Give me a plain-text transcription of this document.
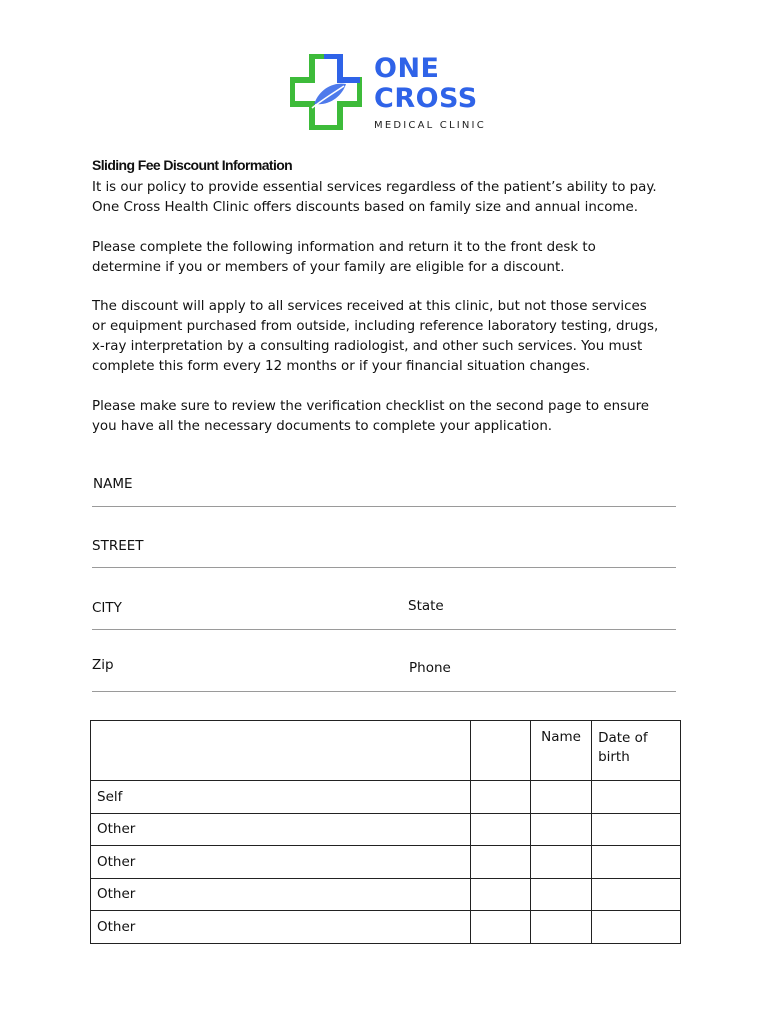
ONE
CROSS
MEDICAL CLINIC
Sliding Fee Discount Information
It is our policy to provide essential services regardless of the patient’s ability to pay.
One Cross Health Clinic offers discounts based on family size and annual income.
Please complete the following information and return it to the front desk to
determine if you or members of your family are eligible for a discount.
The discount will apply to all services received at this clinic, but not those services
or equipment purchased from outside, including reference laboratory testing, drugs,
x-ray interpretation by a consulting radiologist, and other such services. You must
complete this form every 12 months or if your financial situation changes.
Please make sure to review the verification checklist on the second page to ensure
you have all the necessary documents to complete your application.
NAME
STREET
CITY	State
Zip	Phone
		Name	Date of birth
Self			
Other			
Other			
Other			
Other			
